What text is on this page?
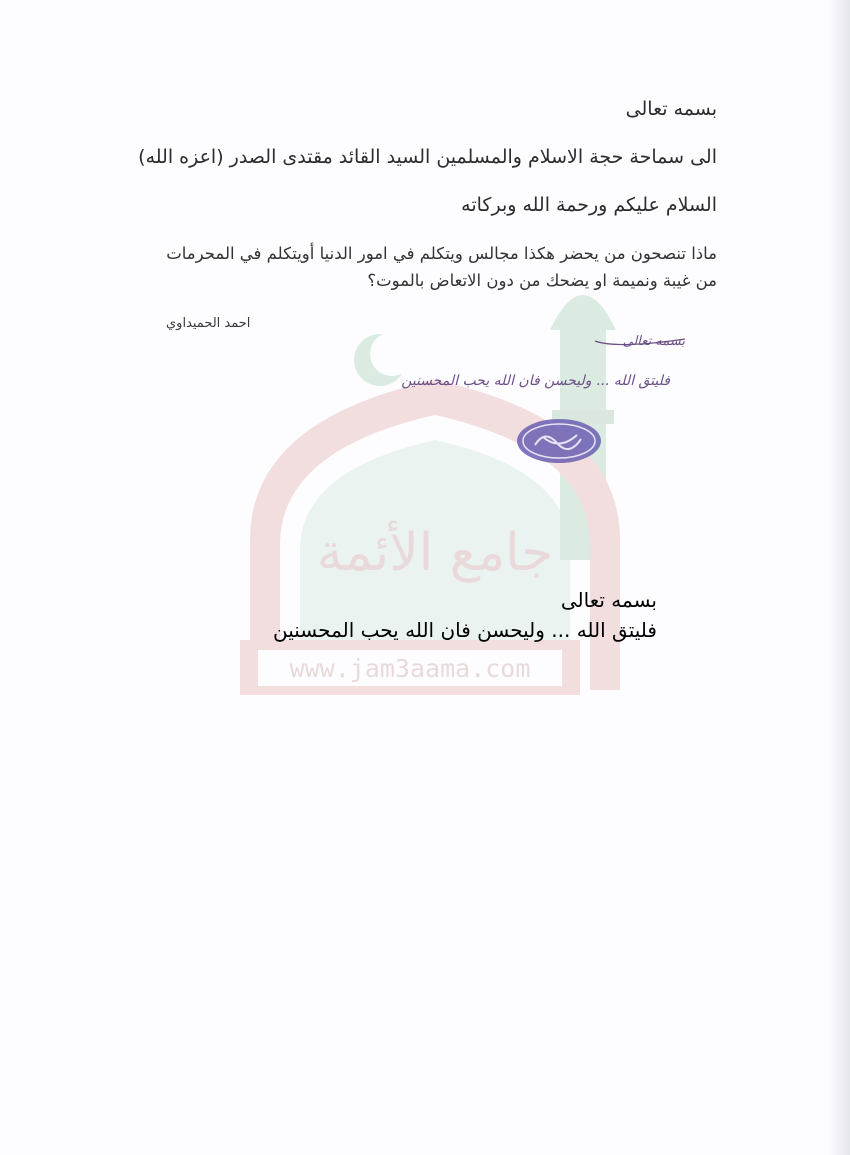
جامع الأئمة
www.jam3aama.com
بسمه تعالى
الى سماحة حجة الاسلام والمسلمين السيد القائد مقتدى الصدر (اعزه الله)
السلام عليكم ورحمة الله وبركاته
ماذا تنصحون من يحضر هكذا مجالس ويتكلم في امور الدنيا أويتكلم في المحرمات
من غيبة ونميمة او يضحك من دون الاتعاض بالموت؟
احمد الحميداوي
بسمه تعالى
فليتق الله ... وليحسن فان الله يحب المحسنين
بسمه تعالى
فليتق الله ... وليحسن فان الله يحب المحسنين
